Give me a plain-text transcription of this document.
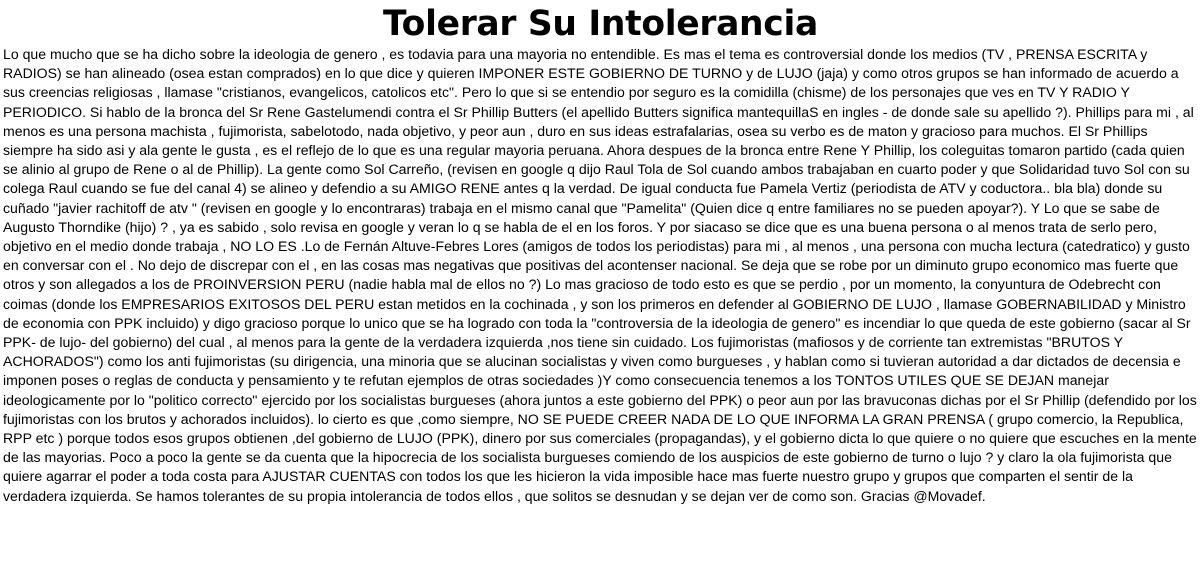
Tolerar Su Intolerancia

Lo que mucho que se ha dicho sobre la ideologia de genero , es todavia para una mayoria no entendible. Es mas el tema es controversial donde los medios (TV , PRENSA ESCRITA y RADIOS) se han alineado (osea estan comprados) en lo que dice y quieren IMPONER ESTE GOBIERNO DE TURNO y de LUJO (jaja) y como otros grupos se han informado de acuerdo a sus creencias religiosas , llamase "cristianos, evangelicos, catolicos etc". Pero lo que si se entendio por seguro es la comidilla (chisme) de los personajes que ves en TV Y RADIO Y PERIODICO. Si hablo de la bronca del Sr Rene Gastelumendi contra el Sr Phillip Butters (el apellido Butters significa mantequillaS en ingles - de donde sale su apellido ?). Phillips para mi , al menos es una persona machista , fujimorista, sabelotodo, nada objetivo, y peor aun , duro en sus ideas estrafalarias, osea su verbo es de maton y gracioso para muchos. El Sr Phillips siempre ha sido asi y ala gente le gusta , es el reflejo de lo que es una regular mayoria peruana. Ahora despues de la bronca entre Rene Y Phillip, los coleguitas tomaron partido (cada quien se alinio al grupo de Rene o al de Phillip). La gente como Sol Carreño, (revisen en google q dijo Raul Tola de Sol cuando ambos trabajaban en cuarto poder y que Solidaridad tuvo Sol con su colega Raul cuando se fue del canal 4) se alineo y defendio a su AMIGO RENE antes q la verdad. De igual conducta fue Pamela Vertiz (periodista de ATV y coductora.. bla bla) donde su cuñado "javier rachitoff de atv " (revisen en google y lo encontraras) trabaja en el mismo canal que "Pamelita" (Quien dice q entre familiares no se pueden apoyar?). Y Lo que se sabe de Augusto Thorndike (hijo) ? , ya es sabido , solo revisa en google y veran lo q se habla de el en los foros. Y por siacaso se dice que es una buena persona o al menos trata de serlo pero, objetivo en el medio donde trabaja , NO LO ES .Lo de Fernán Altuve-Febres Lores (amigos de todos los periodistas) para mi , al menos , una persona con mucha lectura (catedratico) y gusto en conversar con el . No dejo de discrepar con el , en las cosas mas negativas que positivas del acontenser nacional. Se deja que se robe por un diminuto grupo economico mas fuerte que otros y son allegados a los de PROINVERSION PERU (nadie habla mal de ellos no ?) Lo mas gracioso de todo esto es que se perdio , por un momento, la conyuntura de Odebrecht con coimas (donde los EMPRESARIOS EXITOSOS DEL PERU estan metidos en la cochinada , y son los primeros en defender al GOBIERNO DE LUJO , llamase GOBERNABILIDAD y Ministro de economia con PPK incluido) y digo gracioso porque lo unico que se ha logrado con toda la "controversia de la ideologia de genero" es incendiar lo que queda de este gobierno (sacar al Sr PPK- de lujo- del gobierno) del cual , al menos para la gente de la verdadera izquierda ,nos tiene sin cuidado. Los fujimoristas (mafiosos y de corriente tan extremistas "BRUTOS Y ACHORADOS") como los anti fujimoristas (su dirigencia, una minoria que se alucinan socialistas y viven como burgueses , y hablan como si tuvieran autoridad a dar dictados de decensia e imponen poses o reglas de conducta y pensamiento y te refutan ejemplos de otras sociedades )Y como consecuencia tenemos a los TONTOS UTILES QUE SE DEJAN manejar ideologicamente por lo "politico correcto" ejercido por los socialistas burgueses (ahora juntos a este gobierno del PPK) o peor aun por las bravuconas dichas por el Sr Phillip (defendido por los fujimoristas con los brutos y achorados incluidos). lo cierto es que ,como siempre, NO SE PUEDE CREER NADA DE LO QUE INFORMA LA GRAN PRENSA ( grupo comercio, la Republica, RPP etc ) porque todos esos grupos obtienen ,del gobierno de LUJO (PPK), dinero por sus comerciales (propagandas), y el gobierno dicta lo que quiere o no quiere que escuches en la mente de las mayorias. Poco a poco la gente se da cuenta que la hipocrecia de los socialista burgueses comiendo de los auspicios de este gobierno de turno o lujo ? y claro la ola fujimorista que quiere agarrar el poder a toda costa para AJUSTAR CUENTAS con todos los que les hicieron la vida imposible hace mas fuerte nuestro grupo y grupos que comparten el sentir de la verdadera izquierda. Se hamos tolerantes de su propia intolerancia de todos ellos , que solitos se desnudan y se dejan ver de como son. Gracias @Movadef.
